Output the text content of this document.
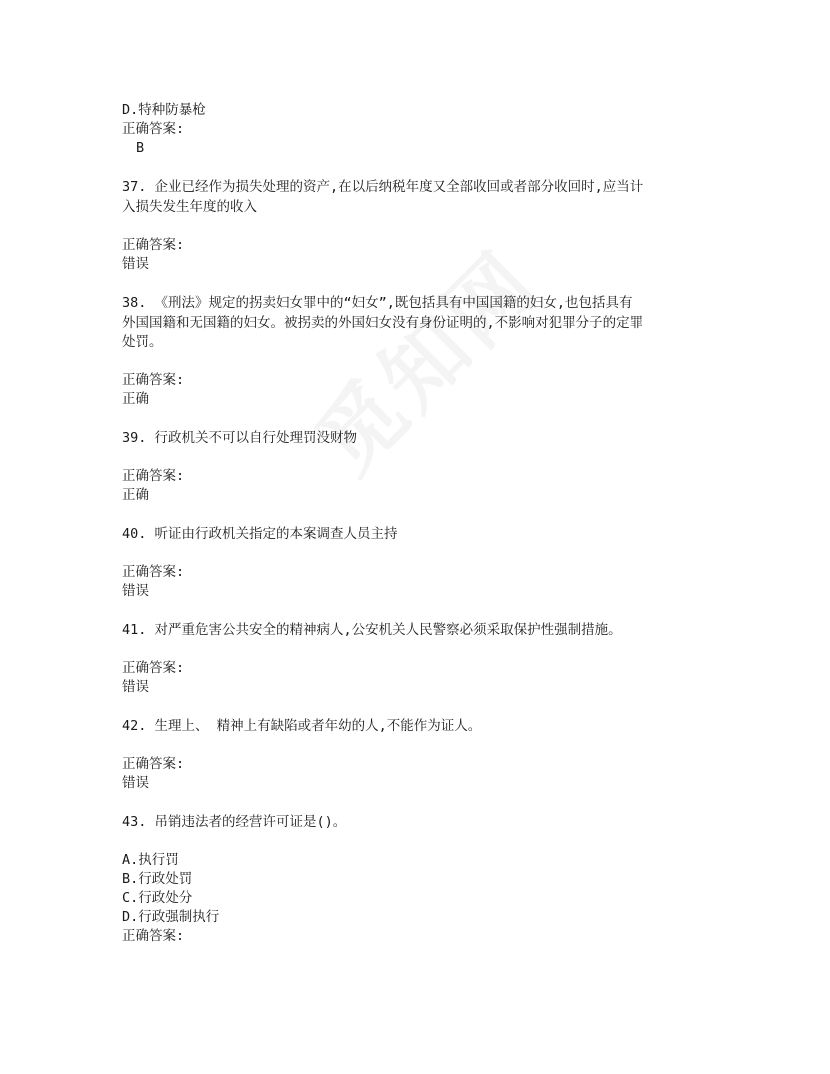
D.特种防暴枪
正确答案:
B
37. 企业已经作为损失处理的资产,在以后纳税年度又全部收回或者部分收回时,应当计
入损失发生年度的收入
正确答案:
错误
38. 《刑法》规定的拐卖妇女罪中的“妇女”,既包括具有中国国籍的妇女,也包括具有
外国国籍和无国籍的妇女。被拐卖的外国妇女没有身份证明的,不影响对犯罪分子的定罪
处罚。
正确答案:
正确
39. 行政机关不可以自行处理罚没财物
正确答案:
正确
40. 听证由行政机关指定的本案调查人员主持
正确答案:
错误
41. 对严重危害公共安全的精神病人,公安机关人民警察必须采取保护性强制措施。
正确答案:
错误
42. 生理上、 精神上有缺陷或者年幼的人,不能作为证人。
正确答案:
错误
43. 吊销违法者的经营许可证是()。
A.执行罚
B.行政处罚
C.行政处分
D.行政强制执行
正确答案:
